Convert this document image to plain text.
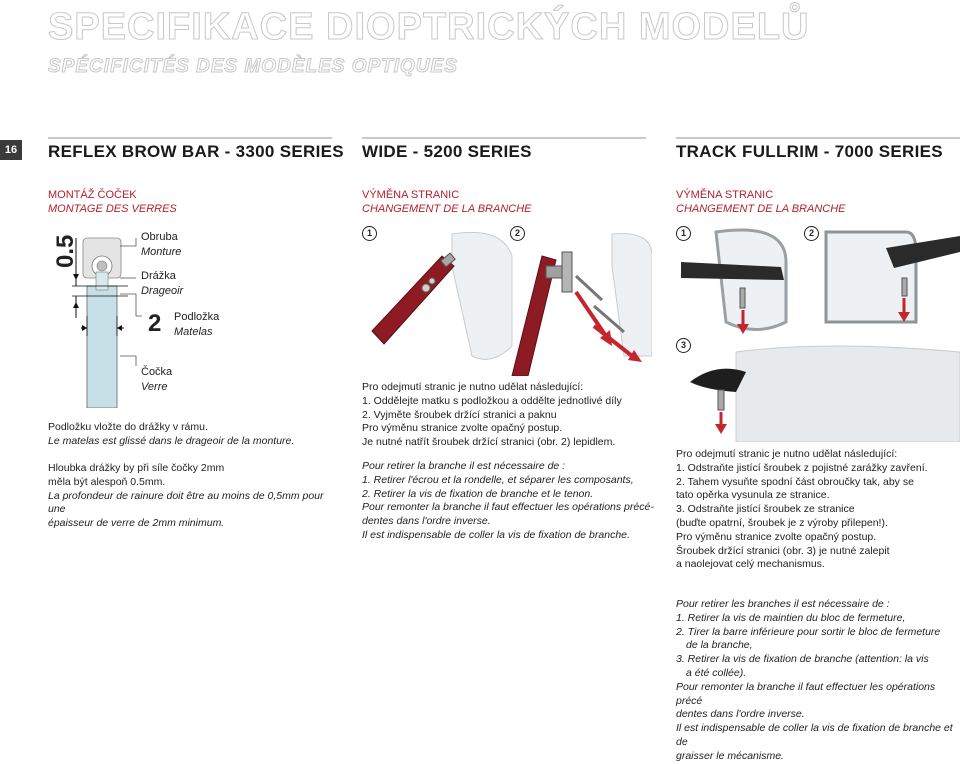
SPECIFIKACE DIOPTRICKÝCH MODELŮ
SPÉCIFICITÉS DES MODÈLES OPTIQUES
16 REFLEX BROW BAR - 3300 SERIES
MONTÁŽ ČOČEK
MONTAGE DES VERRES
0.5
2
Obruba
Monture
Drážka
Drageoir
Podložka
Matelas
Čočka
Verre
Podložku vložte do drážky v rámu.
Le matelas est glissé dans le drageoir de la monture.
Hloubka drážky by při síle čočky 2mm
měla být alespoň 0.5mm.
La profondeur de rainure doit être au moins de 0,5mm pour une
épaisseur de verre de 2mm minimum.
WIDE - 5200 SERIES
VÝMĚNA STRANIC
CHANGEMENT DE LA BRANCHE
1	2
Pro odejmutí stranic je nutno udělat následující:
1. Oddělejte matku s podložkou a oddělte jednotlivé díly
2. Vyjměte šroubek držící stranici a paknu
Pro výměnu stranice zvolte opačný postup.
Je nutné natřít šroubek držící stranici (obr. 2) lepidlem.
Pour retirer la branche il est nécessaire de :
1. Retirer l'écrou et la rondelle, et séparer les composants,
2. Retirer la vis de fixation de branche et le tenon.
Pour remonter la branche il faut effectuer les opérations précé-
dentes dans l'ordre inverse.
Il est indispensable de coller la vis de fixation de branche.
TRACK FULLRIM - 7000 SERIES
VÝMĚNA STRANIC
CHANGEMENT DE LA BRANCHE
1	2
3
Pro odejmutí stranic je nutno udělat následující:
1. Odstraňte jistící šroubek z pojistné zarážky zavření.
2. Tahem vysuňte spodní část obroučky tak, aby se
tato opěrka vysunula ze stranice.
3. Odstraňte jistící šroubek ze stranice
(buďte opatrní, šroubek je z výroby přilepen!).
Pro výměnu stranice zvolte opačný postup.
Šroubek držící stranici (obr. 3) je nutné zalepit
a naolejovat celý mechanismus.
Pour retirer les branches il est nécessaire de :
1. Retirer la vis de maintien du bloc de fermeture,
2. Tirer la barre inférieure pour sortir le bloc de fermeture
de la branche,
3. Retirer la vis de fixation de branche (attention: la vis
a été collée).
Pour remonter la branche il faut effectuer les opérations précé
dentes dans l'ordre inverse.
Il est indispensable de coller la vis de fixation de branche et de
graisser le mécanisme.
